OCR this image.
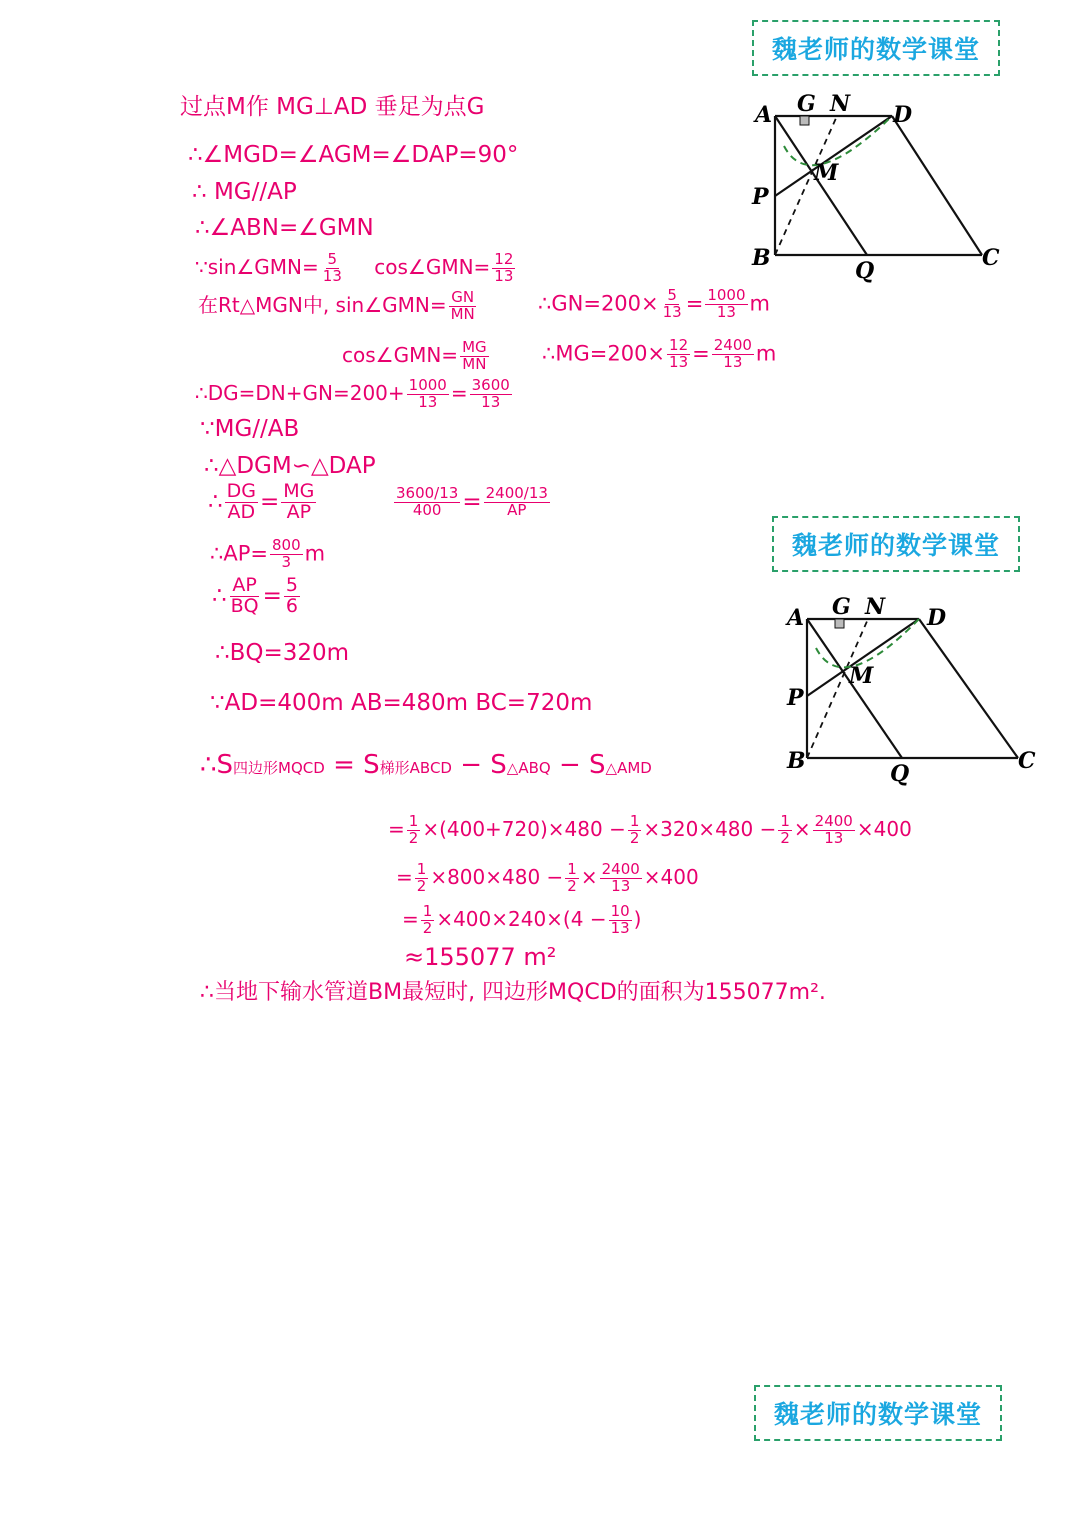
魏老师的数学课堂
魏老师的数学课堂
魏老师的数学课堂
A G N D
M
P
B	Q	C
A G N D
M
P
B	Q	C
过点M作 MG⊥AD 垂足为点G
∴∠MGD=∠AGM=∠DAP=90°
∴ MG//AP
∴∠ABN=∠GMN
∵sin∠GMN= $\frac{5}{13}$ cos∠GMN= $\frac{12}{13}$
在Rt△MGN中, sin∠GMN= $\frac{GN}{MN}$	∴GN=200× $\frac{5}{13} = \frac{1000}{13}$ m
cos∠GMN= $\frac{MG}{MN}$	∴MG=200× $\frac{12}{13} = \frac{2400}{13}$ m
∴DG=DN+GN=200+ $\frac{1000}{13} = \frac{3600}{13}$
∵MG//AB
∴△DGM∽△DAP
∴ $\frac{DG}{AD} = \frac{MG}{AP}$	$\frac{3600/13}{400} = \frac{2400/13}{AP}$
∴AP= $\frac{800}{3}$ m
∴ $\frac{AP}{BQ} = \frac{5}{6}$
∴BQ=320m
∵AD=400m AB=480m BC=720m
∴S四边形MQCD = S梯形ABCD − S△ABQ − S△AMD
= $\frac{1}{2} \times(400+720)\times 480 - \frac{1}{2} \times 320\times 480 - \frac{1}{2} \times \frac{2400}{13} \times 400$
= $\frac{1}{2} \times 800\times 480 - \frac{1}{2} \times \frac{2400}{13} \times 400$
= $\frac{1}{2} \times 400\times 240\times(4 - \frac{10}{13}$ )
≈155077 m²
∴当地下输水管道BM最短时, 四边形MQCD的面积为155077m².
